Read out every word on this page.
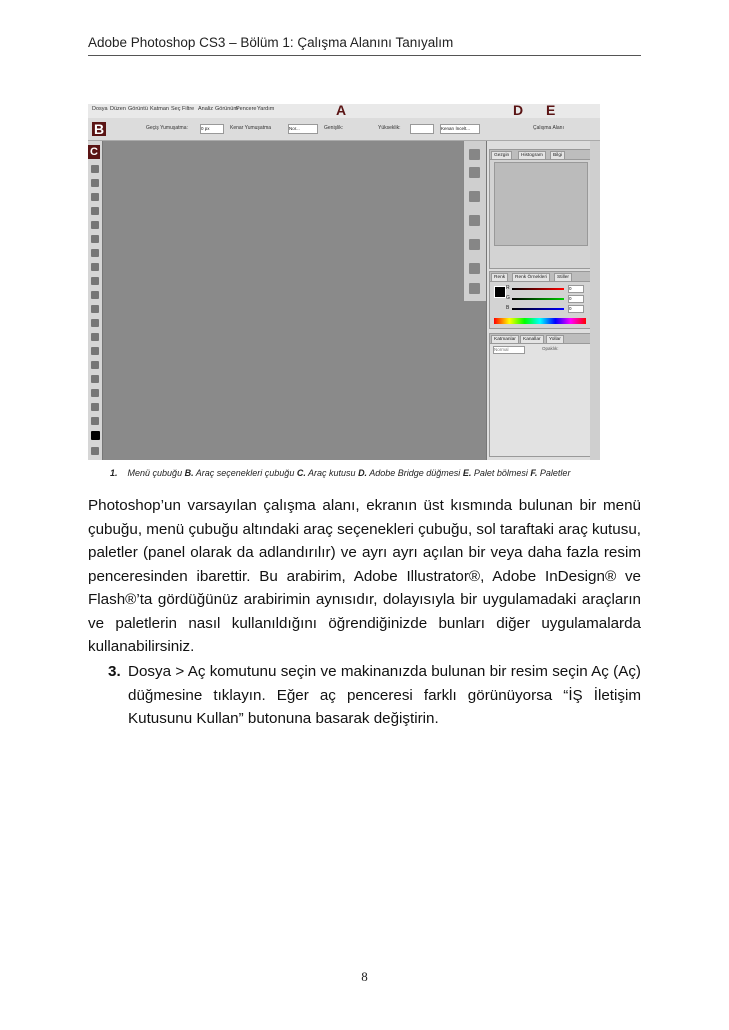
Adobe Photoshop CS3 – Bölüm 1: Çalışma Alanını Tanıyalım
Dosya Düzen Görüntü Katman Seç Filtre Analiz Görünüm
Pencere Yardım	A	D E
B	Geçiş Yumuşatma:	0 px	Kenar Yumuşatma	Nor...	Genişlik:	Yükseklik:	Kenarı İncelt...	Çalışma Alanı
C	Gezgin	Histogram	Bilgi
Renk	Renk Örnekleri	Stiller
R	0
G	0
B	0
Katmanlar	Kanallar	Yollar
Normal	Opaklık:
1. Menü çubuğu B. Araç seçenekleri çubuğu C. Araç kutusu D. Adobe Bridge düğmesi E. Palet bölmesi F. Paletler
Photoshop’un varsayılan çalışma alanı, ekranın üst kısmında bulunan bir menü çubuğu, menü çubuğu altındaki araç seçenekleri çubuğu, sol taraftaki araç kutusu, paletler (panel olarak da adlandırılır) ve ayrı ayrı açılan bir veya daha fazla resim penceresinden ibarettir. Bu arabirim, Adobe Illustrator®, Adobe InDesign® ve Flash®’ta gördüğünüz arabirimin aynısıdır, dolayısıyla bir uygulamadaki araçların ve paletlerin nasıl kullanıldığını öğrendiğinizde bunları diğer uygulamalarda kullanabilirsiniz.
3. Dosya > Aç komutunu seçin ve makinanızda bulunan bir resim seçin Aç (Aç) düğmesine tıklayın. Eğer aç penceresi farklı görünüyorsa “İŞ İletişim Kutusunu Kullan” butonuna basarak değiştirin.
8
